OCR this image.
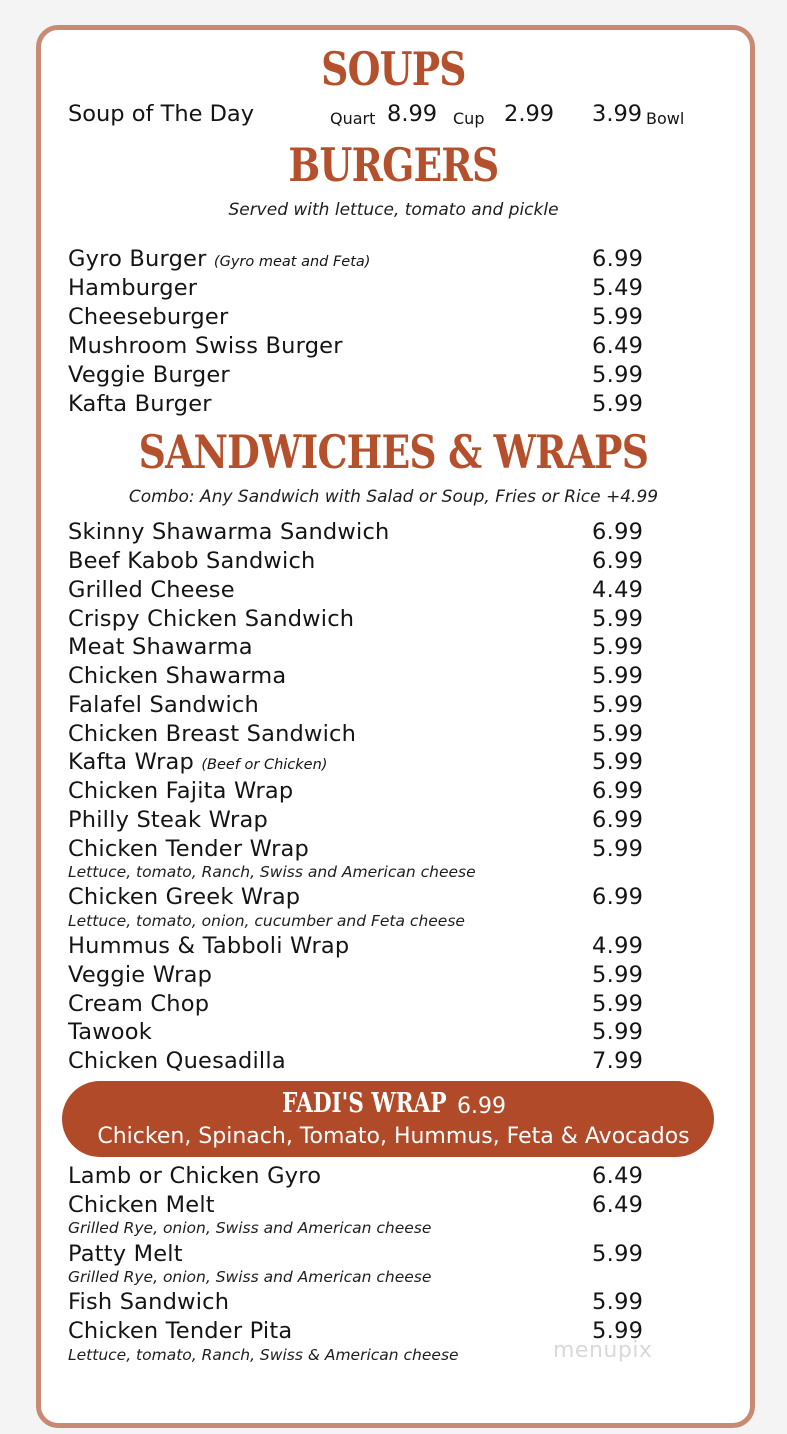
SOUPS
Soup of The Day	Quart 8.99 Cup 2.99 3.99 Bowl
BURGERS
Served with lettuce, tomato and pickle
Gyro Burger (Gyro meat and Feta)	6.99
Hamburger	5.49
Cheeseburger	5.99
Mushroom Swiss Burger	6.49
Veggie Burger	5.99
Kafta Burger	5.99
SANDWICHES & WRAPS
Combo: Any Sandwich with Salad or Soup, Fries or Rice +4.99
Skinny Shawarma Sandwich	6.99
Beef Kabob Sandwich	6.99
Grilled Cheese	4.49
Crispy Chicken Sandwich	5.99
Meat Shawarma	5.99
Chicken Shawarma	5.99
Falafel Sandwich	5.99
Chicken Breast Sandwich	5.99
Kafta Wrap (Beef or Chicken)	5.99
Chicken Fajita Wrap	6.99
Philly Steak Wrap	6.99
Chicken Tender Wrap	5.99
Lettuce, tomato, Ranch, Swiss and American cheese
Chicken Greek Wrap	6.99
Lettuce, tomato, onion, cucumber and Feta cheese
Hummus & Tabboli Wrap	4.99
Veggie Wrap	5.99
Cream Chop	5.99
Tawook	5.99
Chicken Quesadilla	7.99
FADI'S WRAP 6.99
Chicken, Spinach, Tomato, Hummus, Feta & Avocados
Lamb or Chicken Gyro	6.49
Chicken Melt	6.49
Grilled Rye, onion, Swiss and American cheese
Patty Melt	5.99
Grilled Rye, onion, Swiss and American cheese
Fish Sandwich	5.99
Chicken Tender Pita	5.99
Lettuce, tomato, Ranch, Swiss & American cheese	menupix
